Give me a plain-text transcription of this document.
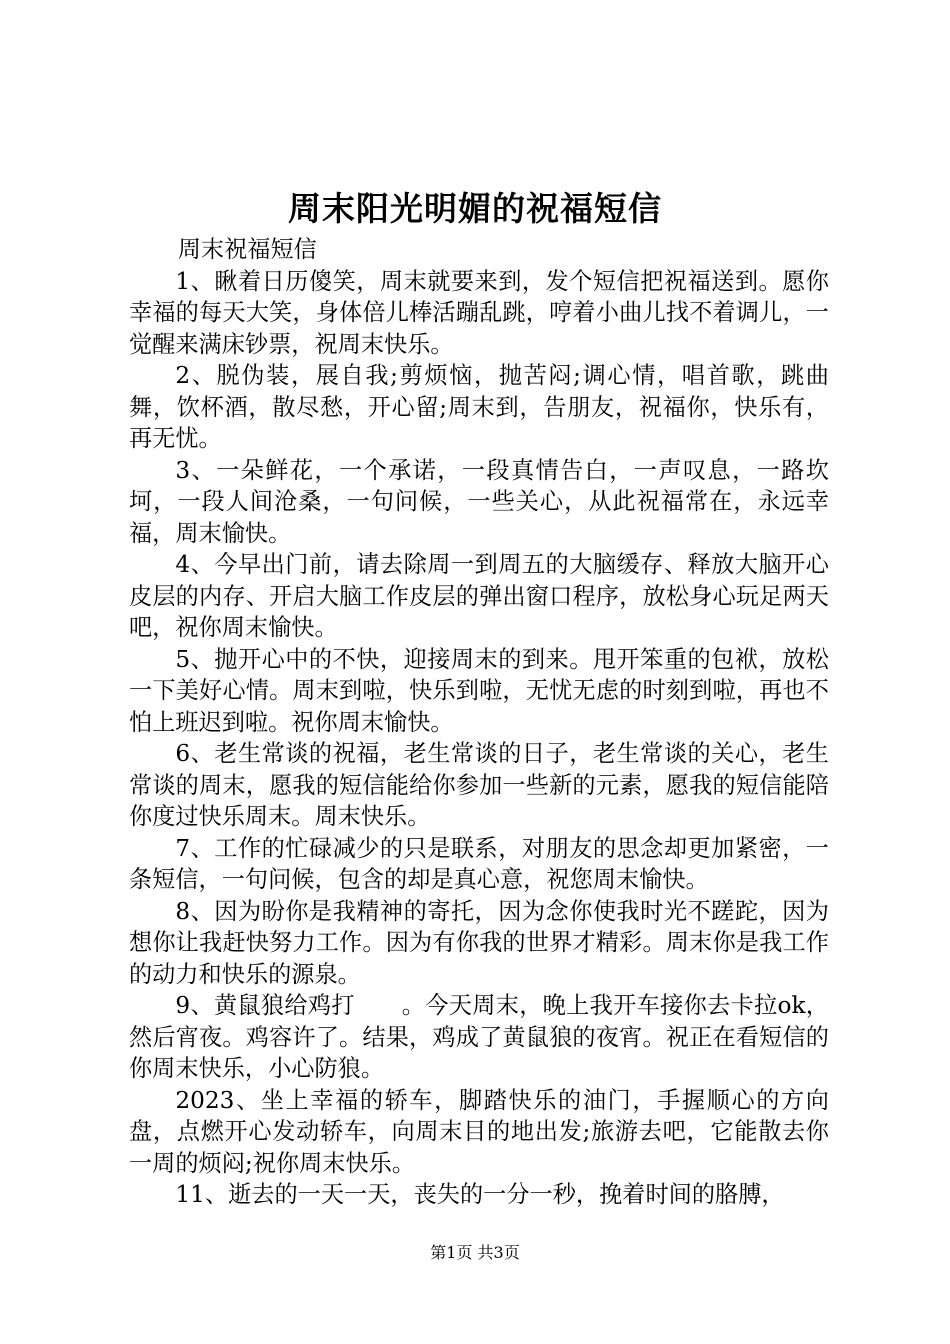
周末阳光明媚的祝福短信

周末祝福短信

1、瞅着日历傻笑，周末就要来到，发个短信把祝福送到。愿你幸福的每天大笑，身体倍儿棒活蹦乱跳，哼着小曲儿找不着调儿，一觉醒来满床钞票，祝周末快乐。

2、脱伪装，展自我;剪烦恼，抛苦闷;调心情，唱首歌，跳曲舞，饮杯酒，散尽愁，开心留;周末到，告朋友，祝福你，快乐有，再无忧。

3、一朵鲜花，一个承诺，一段真情告白，一声叹息，一路坎坷，一段人间沧桑，一句问候，一些关心，从此祝福常在，永远幸福，周末愉快。

4、今早出门前，请去除周一到周五的大脑缓存、释放大脑开心皮层的内存、开启大脑工作皮层的弹出窗口程序，放松身心玩足两天吧，祝你周末愉快。

5、抛开心中的不快，迎接周末的到来。甩开笨重的包袱，放松一下美好心情。周末到啦，快乐到啦，无忧无虑的时刻到啦，再也不怕上班迟到啦。祝你周末愉快。

6、老生常谈的祝福，老生常谈的日子，老生常谈的关心，老生常谈的周末，愿我的短信能给你参加一些新的元素，愿我的短信能陪你度过快乐周末。周末快乐。

7、工作的忙碌减少的只是联系，对朋友的思念却更加紧密，一条短信，一句问候，包含的却是真心意，祝您周末愉快。

8、因为盼你是我精神的寄托，因为念你使我时光不蹉跎，因为想你让我赶快努力工作。因为有你我的世界才精彩。周末你是我工作的动力和快乐的源泉。

9、黄鼠狼给鸡打　　。今天周末，晚上我开车接你去卡拉ok，然后宵夜。鸡容许了。结果，鸡成了黄鼠狼的夜宵。祝正在看短信的你周末快乐，小心防狼。

2023、坐上幸福的轿车，脚踏快乐的油门，手握顺心的方向盘，点燃开心发动轿车，向周末目的地出发;旅游去吧，它能散去你一周的烦闷;祝你周末快乐。

11、逝去的一天一天，丧失的一分一秒，挽着时间的胳膊，

第1页 共3页
